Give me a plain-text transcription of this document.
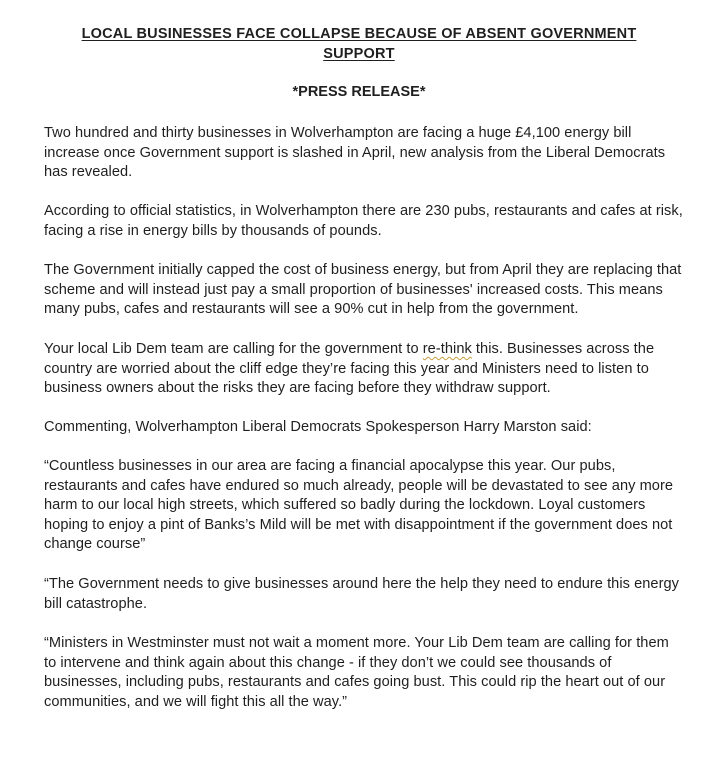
LOCAL BUSINESSES FACE COLLAPSE BECAUSE OF ABSENT GOVERNMENT SUPPORT
*PRESS RELEASE*

Two hundred and thirty businesses in Wolverhampton are facing a huge £4,100 energy bill increase once Government support is slashed in April, new analysis from the Liberal Democrats has revealed.

According to official statistics, in Wolverhampton there are 230 pubs, restaurants and cafes at risk, facing a rise in energy bills by thousands of pounds.

The Government initially capped the cost of business energy, but from April they are replacing that scheme and will instead just pay a small proportion of businesses' increased costs. This means many pubs, cafes and restaurants will see a 90% cut in help from the government.

Your local Lib Dem team are calling for the government to re-think this. Businesses across the country are worried about the cliff edge they’re facing this year and Ministers need to listen to business owners about the risks they are facing before they withdraw support.

Commenting, Wolverhampton Liberal Democrats Spokesperson Harry Marston said:

“Countless businesses in our area are facing a financial apocalypse this year. Our pubs, restaurants and cafes have endured so much already, people will be devastated to see any more harm to our local high streets, which suffered so badly during the lockdown. Loyal customers hoping to enjoy a pint of Banks’s Mild will be met with disappointment if the government does not change course”

“The Government needs to give businesses around here the help they need to endure this energy bill catastrophe.

“Ministers in Westminster must not wait a moment more. Your Lib Dem team are calling for them to intervene and think again about this change - if they don’t we could see thousands of businesses, including pubs, restaurants and cafes going bust. This could rip the heart out of our communities, and we will fight this all the way.”
